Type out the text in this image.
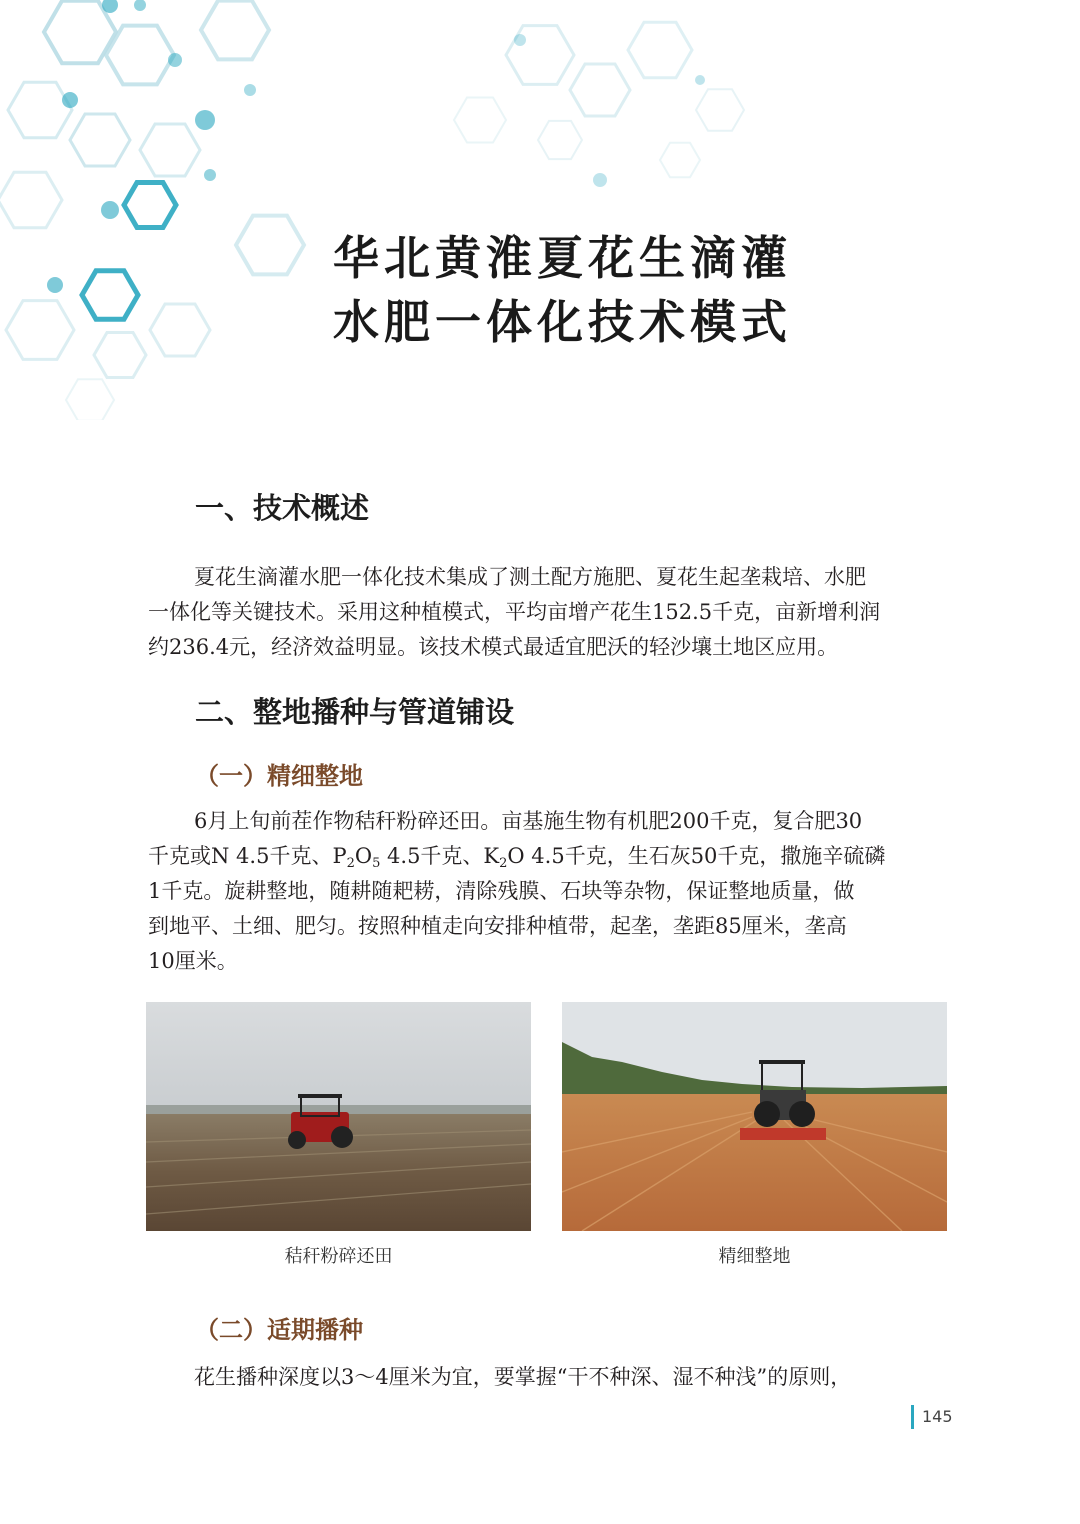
华北黄淮夏花生滴灌
水肥一体化技术模式
一、技术概述
夏花生滴灌水肥一体化技术集成了测土配方施肥、夏花生起垄栽培、水肥
一体化等关键技术。采用这种植模式，平均亩增产花生152.5千克，亩新增利润
约236.4元，经济效益明显。该技术模式最适宜肥沃的轻沙壤土地区应用。
二、整地播种与管道铺设
（一）精细整地
6月上旬前茬作物秸秆粉碎还田。亩基施生物有机肥200千克，复合肥30
千克或N 4.5千克、$P_2O_5$ 4.5千克、$K_2O$ 4.5千克，生石灰50千克，撒施辛硫磷
1千克。旋耕整地，随耕随耙耢，清除残膜、石块等杂物，保证整地质量，做
到地平、土细、肥匀。按照种植走向安排种植带，起垄，垄距85厘米，垄高
10厘米。
秸秆粉碎还田	精细整地
（二）适期播种
花生播种深度以3～4厘米为宜，要掌握“干不种深、湿不种浅”的原则，
145
